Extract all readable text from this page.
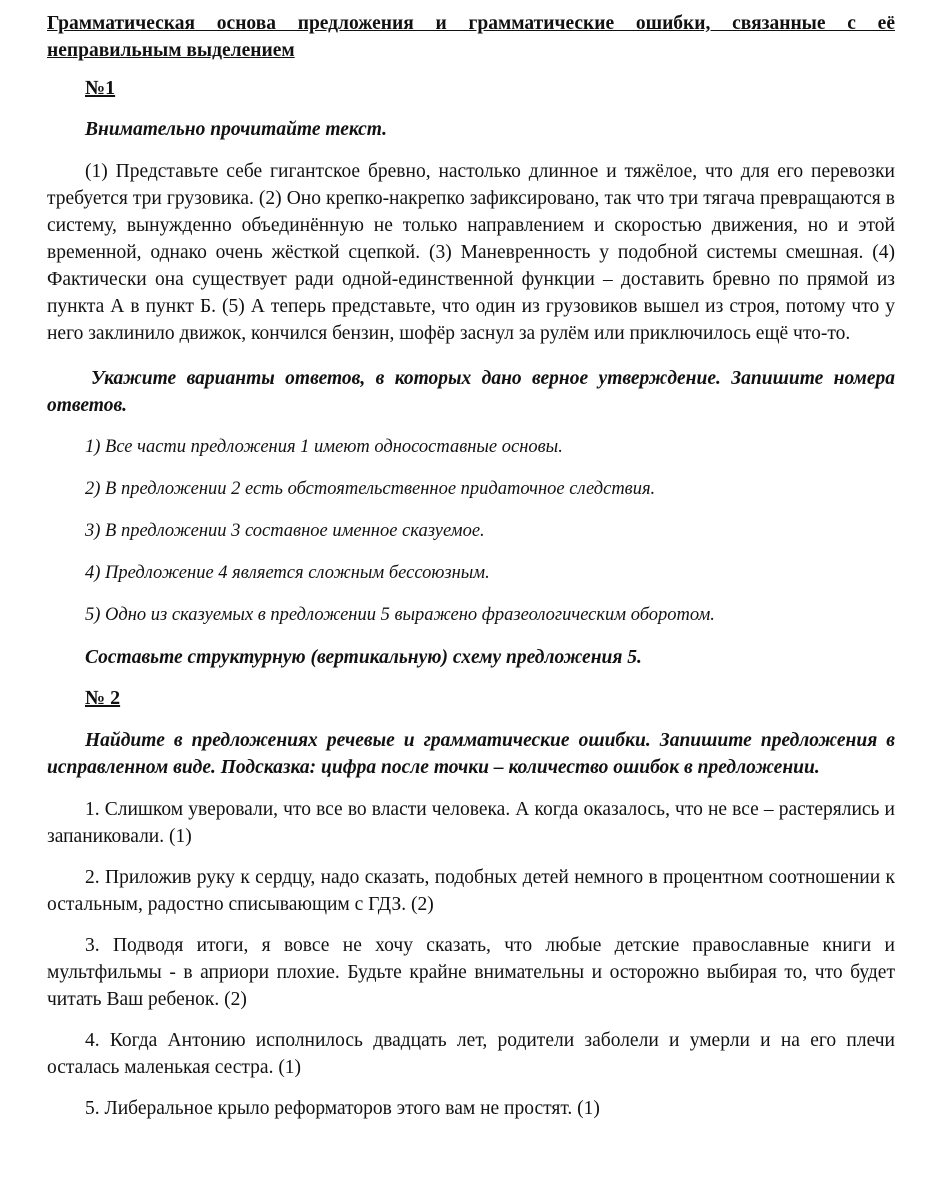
Грамматическая основа предложения и грамматические ошибки, связанные с её неправильным выделением

№1

Внимательно прочитайте текст.

(1) Представьте себе гигантское бревно, настолько длинное и тяжёлое, что для его перевозки требуется три грузовика. (2) Оно крепко-накрепко зафиксировано, так что три тягача превращаются в систему, вынужденно объединённую не только направлением и скоростью движения, но и этой временной, однако очень жёсткой сцепкой. (3) Маневренность у подобной системы смешная. (4) Фактически она существует ради одной-единственной функции – доставить бревно по прямой из пункта А в пункт Б. (5) А теперь представьте, что один из грузовиков вышел из строя, потому что у него заклинило движок, кончился бензин, шофёр заснул за рулём или приключилось ещё что-то.

Укажите варианты ответов, в которых дано верное утверждение. Запишите номера ответов.

1) Все части предложения 1 имеют односоставные основы.

2) В предложении 2 есть обстоятельственное придаточное следствия.

3) В предложении 3 составное именное сказуемое.

4) Предложение 4 является сложным бессоюзным.

5) Одно из сказуемых в предложении 5 выражено фразеологическим оборотом.

Составьте структурную (вертикальную) схему предложения 5.

№ 2

Найдите в предложениях речевые и грамматические ошибки. Запишите предложения в исправленном виде. Подсказка: цифра после точки – количество ошибок в предложении.

1. Слишком уверовали, что все во власти человека. А когда оказалось, что не все – растерялись и запаниковали. (1)

2. Приложив руку к сердцу, надо сказать, подобных детей немного в процентном соотношении к остальным, радостно списывающим с ГДЗ. (2)

3. Подводя итоги, я вовсе не хочу сказать, что любые детские православные книги и мультфильмы - в априори плохие. Будьте крайне внимательны и осторожно выбирая то, что будет читать Ваш ребенок. (2)

4. Когда Антонию исполнилось двадцать лет, родители заболели и умерли и на его плечи осталась маленькая сестра. (1)

5. Либеральное крыло реформаторов этого вам не простят. (1)
